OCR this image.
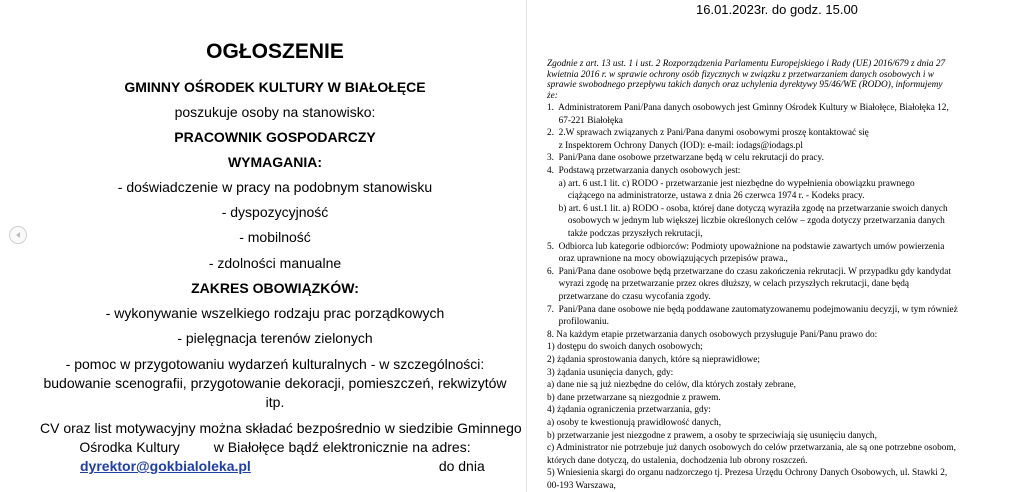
OGŁOSZENIE
GMINNY OŚRODEK KULTURY W BIAŁOŁĘCE
poszukuje osoby na stanowisko:
PRACOWNIK GOSPODARCZY
WYMAGANIA:
- doświadczenie w pracy na podobnym stanowisku
- dyspozycyjność
- mobilność
- zdolności manualne
ZAKRES OBOWIĄZKÓW:
- wykonywanie wszelkiego rodzaju prac porządkowych
- pielęgnacja terenów zielonych
- pomoc w przygotowaniu wydarzeń kulturalnych - w szczególności:
budowanie scenografii, przygotowanie dekoracji, pomieszczeń, rekwizytów
itp.
CV oraz list motywacyjny można składać bezpośrednio w siedzibie Gminnego
Ośrodka Kultury w Białołęce bądź elektronicznie na adres:
dyrektor@gokbialoleka.pl	do dnia
16.01.2023r. do godz. 15.00
Zgodnie z art. 13 ust. 1 i ust. 2 Rozporządzenia Parlamentu Europejskiego i Rady (UE) 2016/679 z dnia 27
kwietnia 2016 r. w sprawie ochrony osób fizycznych w związku z przetwarzaniem danych osobowych i w
sprawie swobodnego przepływu takich danych oraz uchylenia dyrektywy 95/46/WE (RODO), informujemy
że:
1.  Administratorem Pani/Pana danych osobowych jest Gminny Ośrodek Kultury w Białołęce, Białołęka 12,
67-221 Białołęka
2.  2.W sprawach związanych z Pani/Pana danymi osobowymi proszę kontaktować się
z Inspektorem Ochrony Danych (IOD): e-mail: iodags@iodags.pl
3.  Pani/Pana dane osobowe przetwarzane będą w celu rekrutacji do pracy.
4.  Podstawą przetwarzania danych osobowych jest:
a) art. 6 ust.1 lit. c) RODO - przetwarzanie jest niezbędne do wypełnienia obowiązku prawnego
ciążącego na administratorze, ustawa z dnia 26 czerwca 1974 r. - Kodeks pracy.
b) art. 6 ust.1 lit. a) RODO - osoba, której dane dotyczą wyraziła zgodę na przetwarzanie swoich danych
osobowych w jednym lub większej liczbie określonych celów – zgoda dotyczy przetwarzania danych
także podczas przyszłych rekrutacji,
5.  Odbiorca lub kategorie odbiorców: Podmioty upoważnione na podstawie zawartych umów powierzenia
oraz uprawnione na mocy obowiązujących przepisów prawa.,
6.  Pani/Pana dane osobowe będą przetwarzane do czasu zakończenia rekrutacji. W przypadku gdy kandydat
wyrazi zgodę na przetwarzanie przez okres dłuższy, w celach przyszłych rekrutacji, dane będą
przetwarzane do czasu wycofania zgody.
7.  Pani/Pana dane osobowe nie będą poddawane zautomatyzowanemu podejmowaniu decyzji, w tym również
profilowaniu.
8. Na każdym etapie przetwarzania danych osobowych przysługuje Pani/Panu prawo do:
1) dostępu do swoich danych osobowych;
2) żądania sprostowania danych, które są nieprawidłowe;
3) żądania usunięcia danych, gdy:
a) dane nie są już niezbędne do celów, dla których zostały zebrane,
b) dane przetwarzane są niezgodnie z prawem.
4) żądania ograniczenia przetwarzania, gdy:
a) osoby te kwestionują prawidłowość danych,
b) przetwarzanie jest niezgodne z prawem, a osoby te sprzeciwiają się usunięciu danych,
c) Administrator nie potrzebuje już danych osobowych do celów przetwarzania, ale są one potrzebne osobom,
których dane dotyczą, do ustalenia, dochodzenia lub obrony roszczeń.
5) Wniesienia skargi do organu nadzorczego tj. Prezesa Urzędu Ochrony Danych Osobowych, ul. Stawki 2,
00-193 Warszawa,
